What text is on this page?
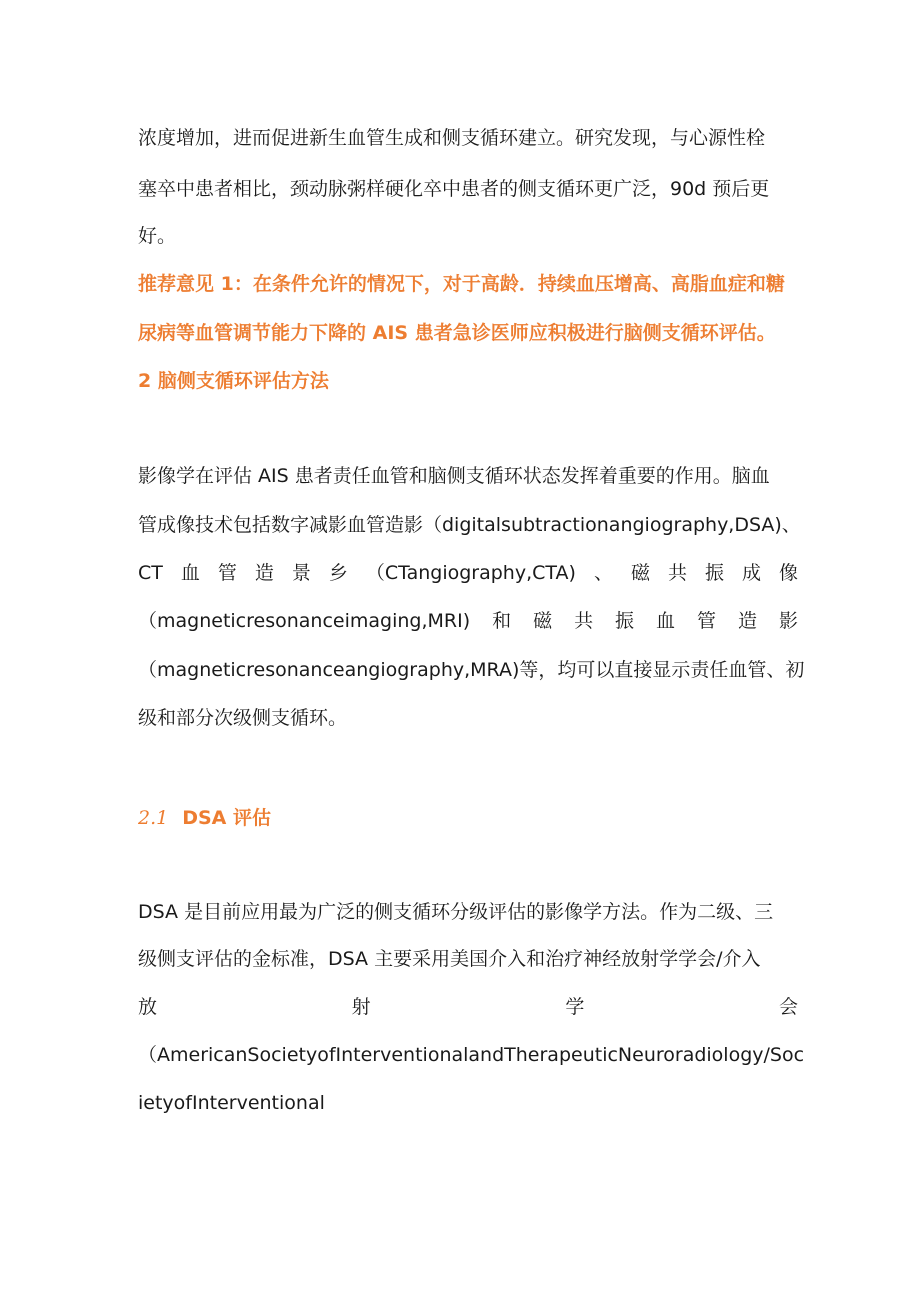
浓度增加，进而促进新生血管生成和侧支循环建立。研究发现，与心源性栓
塞卒中患者相比，颈动脉粥样硬化卒中患者的侧支循环更广泛，90d 预后更
好。
推荐意见 1：在条件允许的情况下，对于高龄．持续血压增高、高脂血症和糖
尿病等血管调节能力下降的 AIS 患者急诊医师应积极进行脑侧支循环评估。
2 脑侧支循环评估方法
影像学在评估 AIS 患者责任血管和脑侧支循环状态发挥着重要的作用。脑血
管成像技术包括数字减影血管造影（digitalsubtractionangiography,DSA)、
CT 血 管 造 景 乡 （CTangiography,CTA) 、 磁 共 振 成 像
（magneticresonanceimaging,MRI) 和 磁 共 振 血 管 造 影
（magneticresonanceangiography,MRA)等，均可以直接显示责任血管、初
级和部分次级侧支循环。
2.1 DSA 评估
DSA 是目前应用最为广泛的侧支循环分级评估的影像学方法。作为二级、三
级侧支评估的金标准，DSA 主要采用美国介入和治疗神经放射学学会/介入
放	射	学	会
（AmericanSocietyofInterventionalandTherapeuticNeuroradiology/Soc
ietyofInterventional
